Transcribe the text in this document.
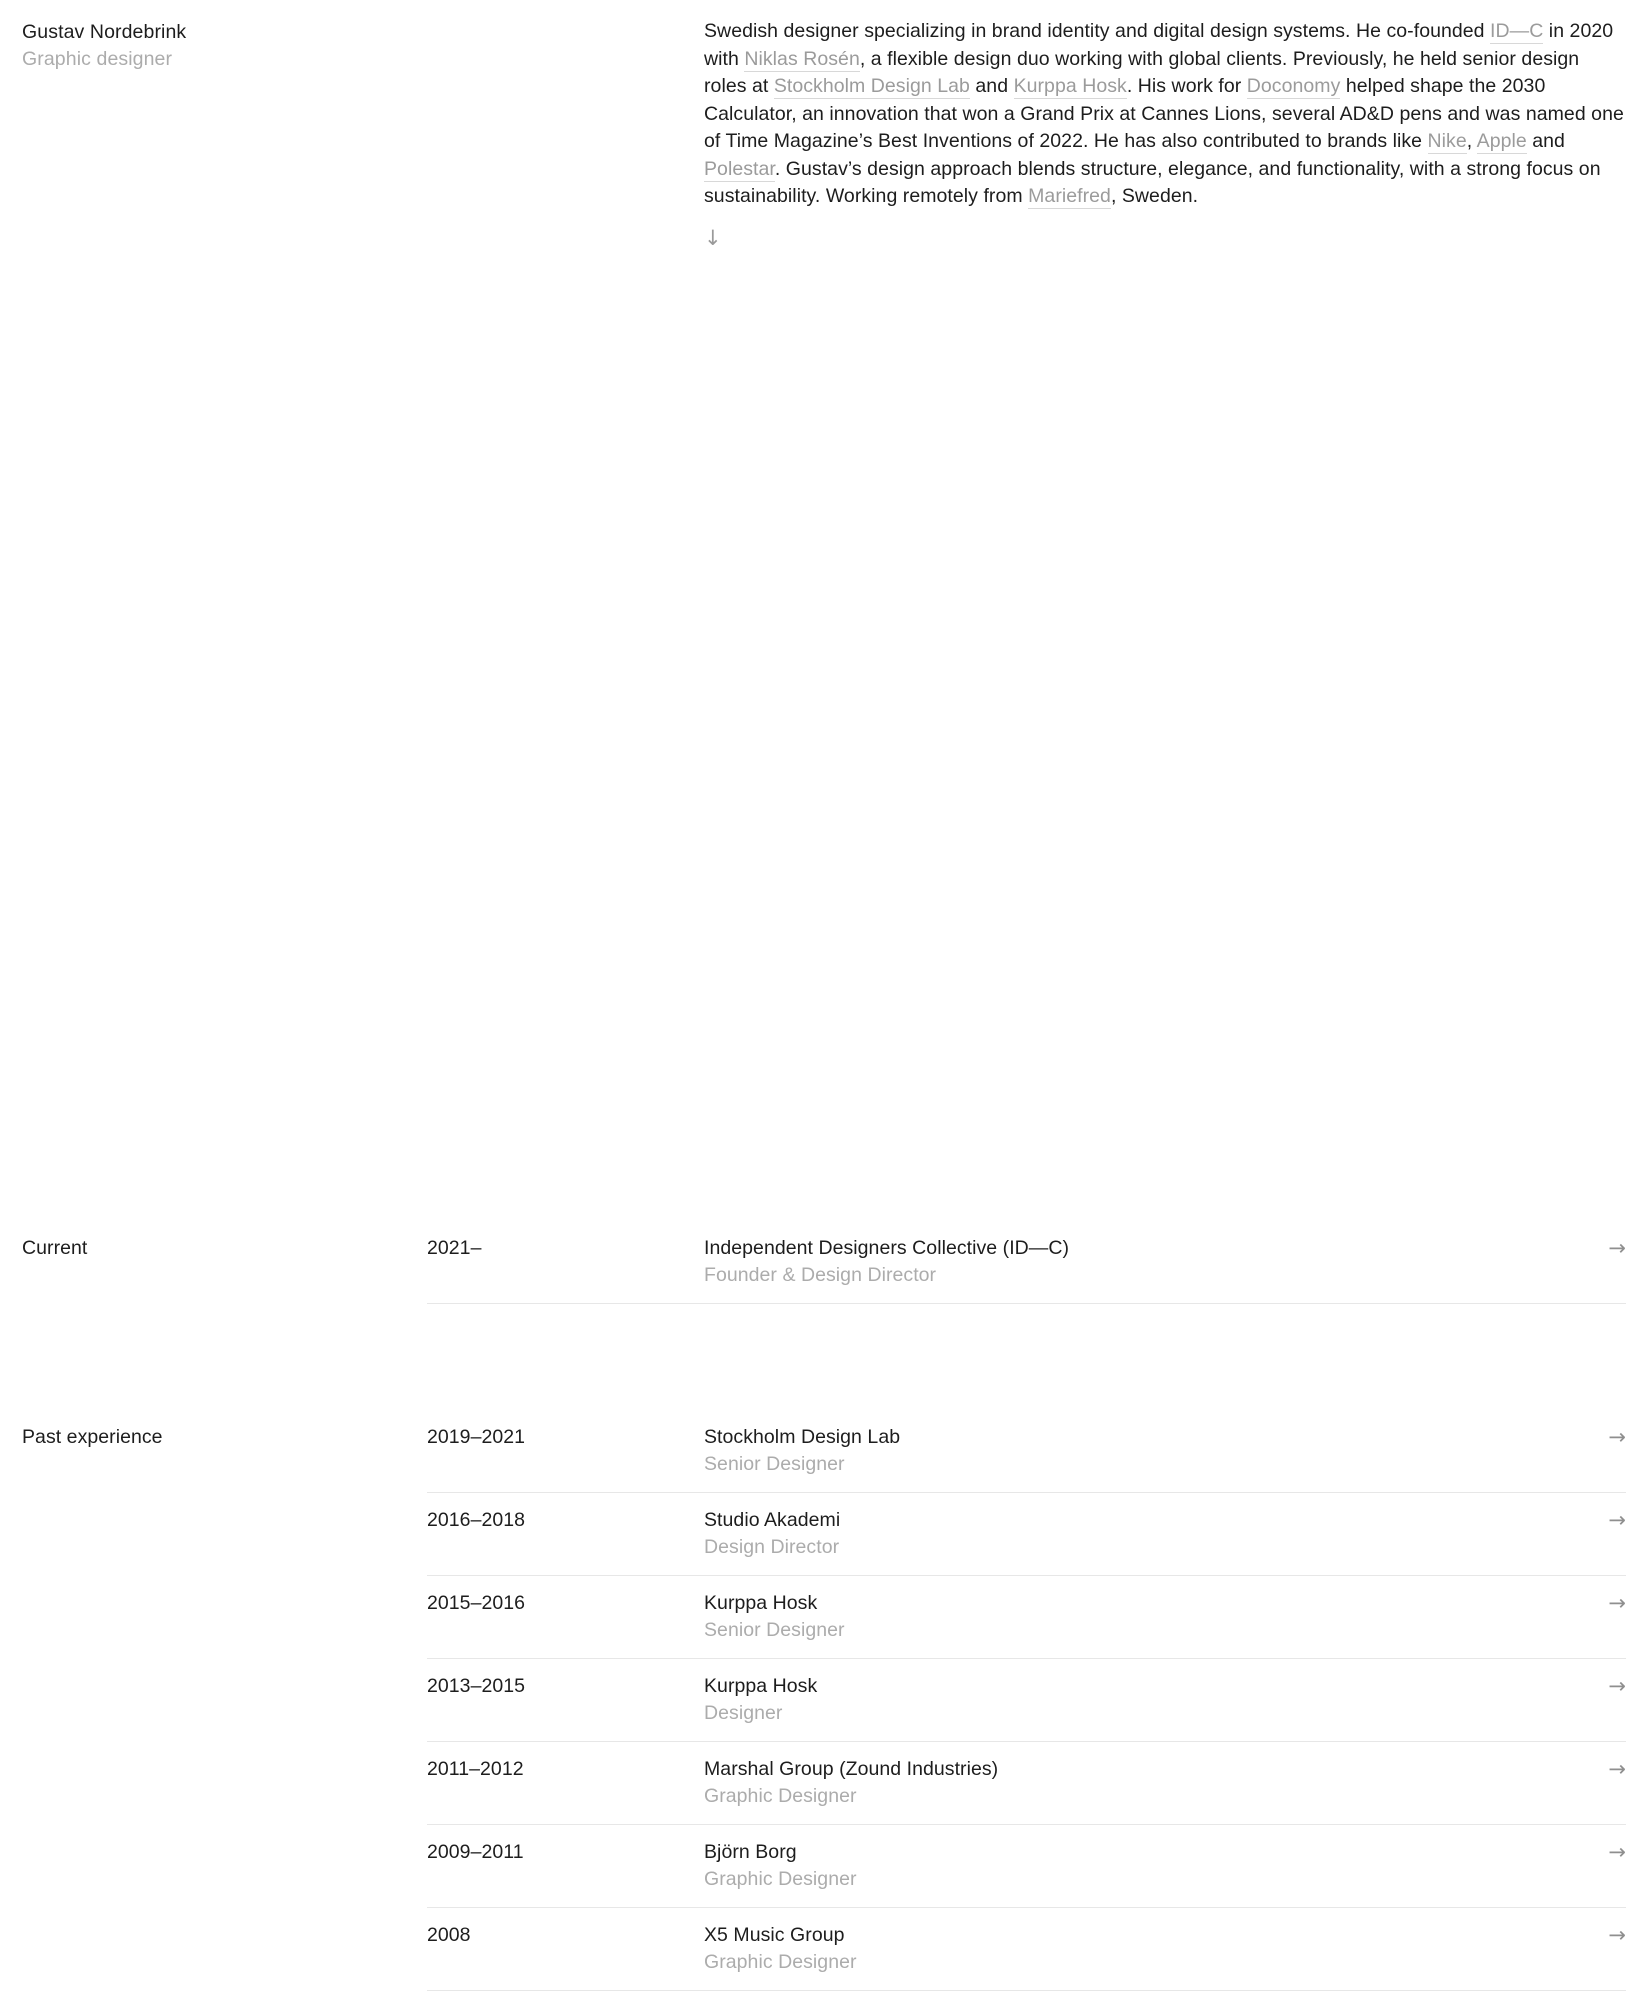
Gustav Nordebrink
Graphic designer
Swedish designer specializing in brand identity and digital design systems. He co-founded ID—C in 2020 with Niklas Rosén, a flexible design duo working with global clients. Previously, he held senior design roles at Stockholm Design Lab and Kurppa Hosk. His work for Doconomy helped shape the 2030 Calculator, an innovation that won a Grand Prix at Cannes Lions, several AD&D pens and was named one of Time Magazine’s Best Inventions of 2022. He has also contributed to brands like Nike, Apple and Polestar. Gustav’s design approach blends structure, elegance, and functionality, with a strong focus on sustainability. Working remotely from Mariefred, Sweden.
↓
Current	2021–	Independent Designers Collective (ID—C)
Founder & Design Director
→
Past experience	2019–2021	Stockholm Design Lab
Senior Designer
→
2016–2018	Studio Akademi
Design Director
→
2015–2016	Kurppa Hosk
Senior Designer
→
2013–2015	Kurppa Hosk
Designer
→
2011–2012	Marshal Group (Zound Industries)
Graphic Designer
→
2009–2011	Björn Borg
Graphic Designer
→
2008	X5 Music Group
Graphic Designer
→
